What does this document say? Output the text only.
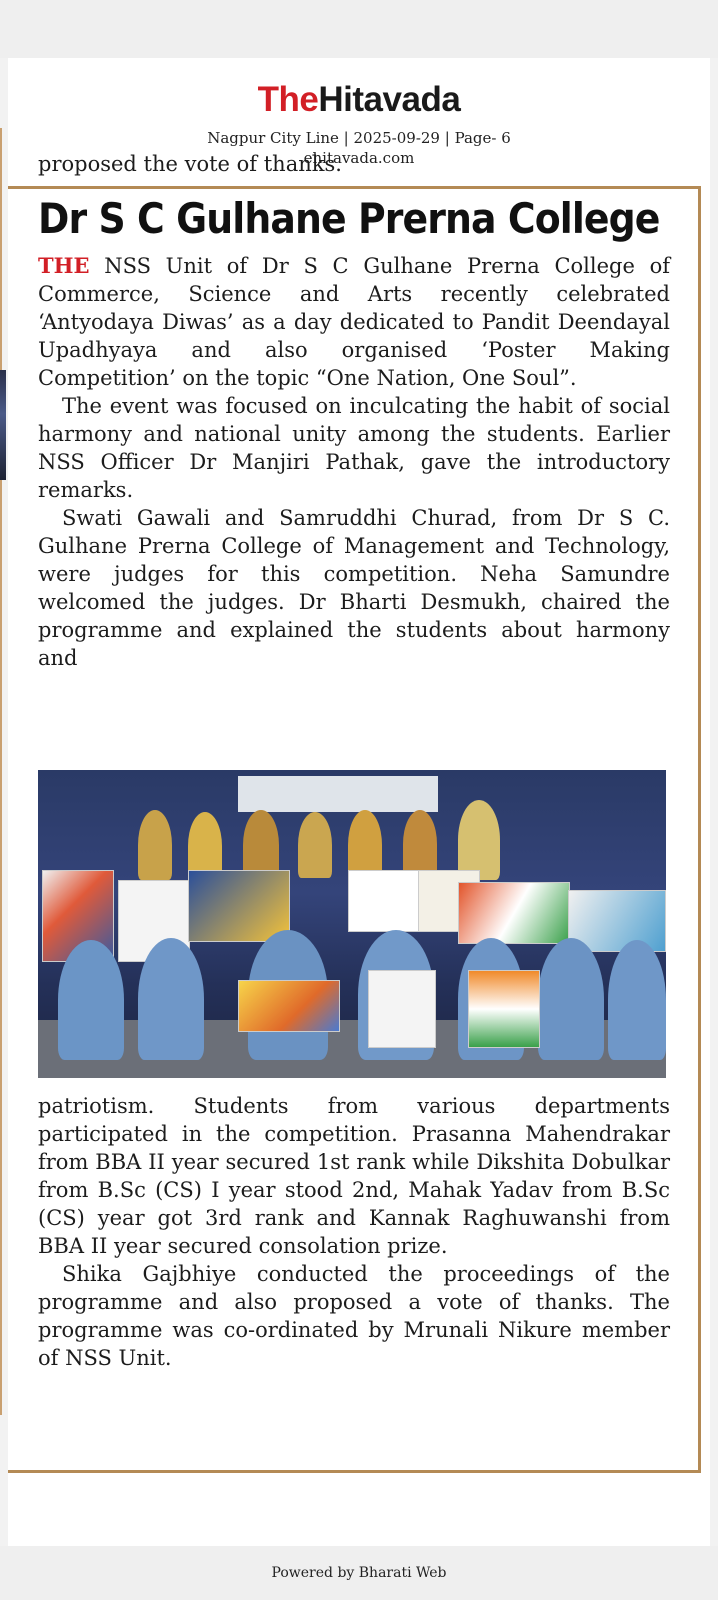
TheHitavada
Nagpur City Line | 2025-09-29 | Page- 6
ehitavada.com

proposed the vote of thanks.

Dr S C Gulhane Prerna College

THE NSS Unit of Dr S C Gulhane Prerna College of Commerce, Science and Arts recently celebrated ‘Antyodaya Diwas’ as a day dedicated to Pandit Deendayal Upadhyaya and also organised ‘Poster Making Competition’ on the topic “One Nation, One Soul”.

The event was focused on inculcating the habit of social harmony and national unity among the students. Earlier NSS Officer Dr Manjiri Pathak, gave the introductory remarks.

Swati Gawali and Samruddhi Churad, from Dr S C. Gulhane Prerna College of Management and Technology, were judges for this competition. Neha Samundre welcomed the judges. Dr Bharti Desmukh, chaired the programme and explained the students about harmony and

patriotism. Students from various departments participated in the competition. Prasanna Mahendrakar from BBA II year secured 1st rank while Dikshita Dobulkar from B.Sc (CS) I year stood 2nd, Mahak Yadav from B.Sc (CS) year got 3rd rank and Kannak Raghuwanshi from BBA II year secured consolation prize.

Shika Gajbhiye conducted the proceedings of the programme and also proposed a vote of thanks. The programme was co-ordinated by Mrunali Nikure member of NSS Unit.

Powered by Bharati Web
